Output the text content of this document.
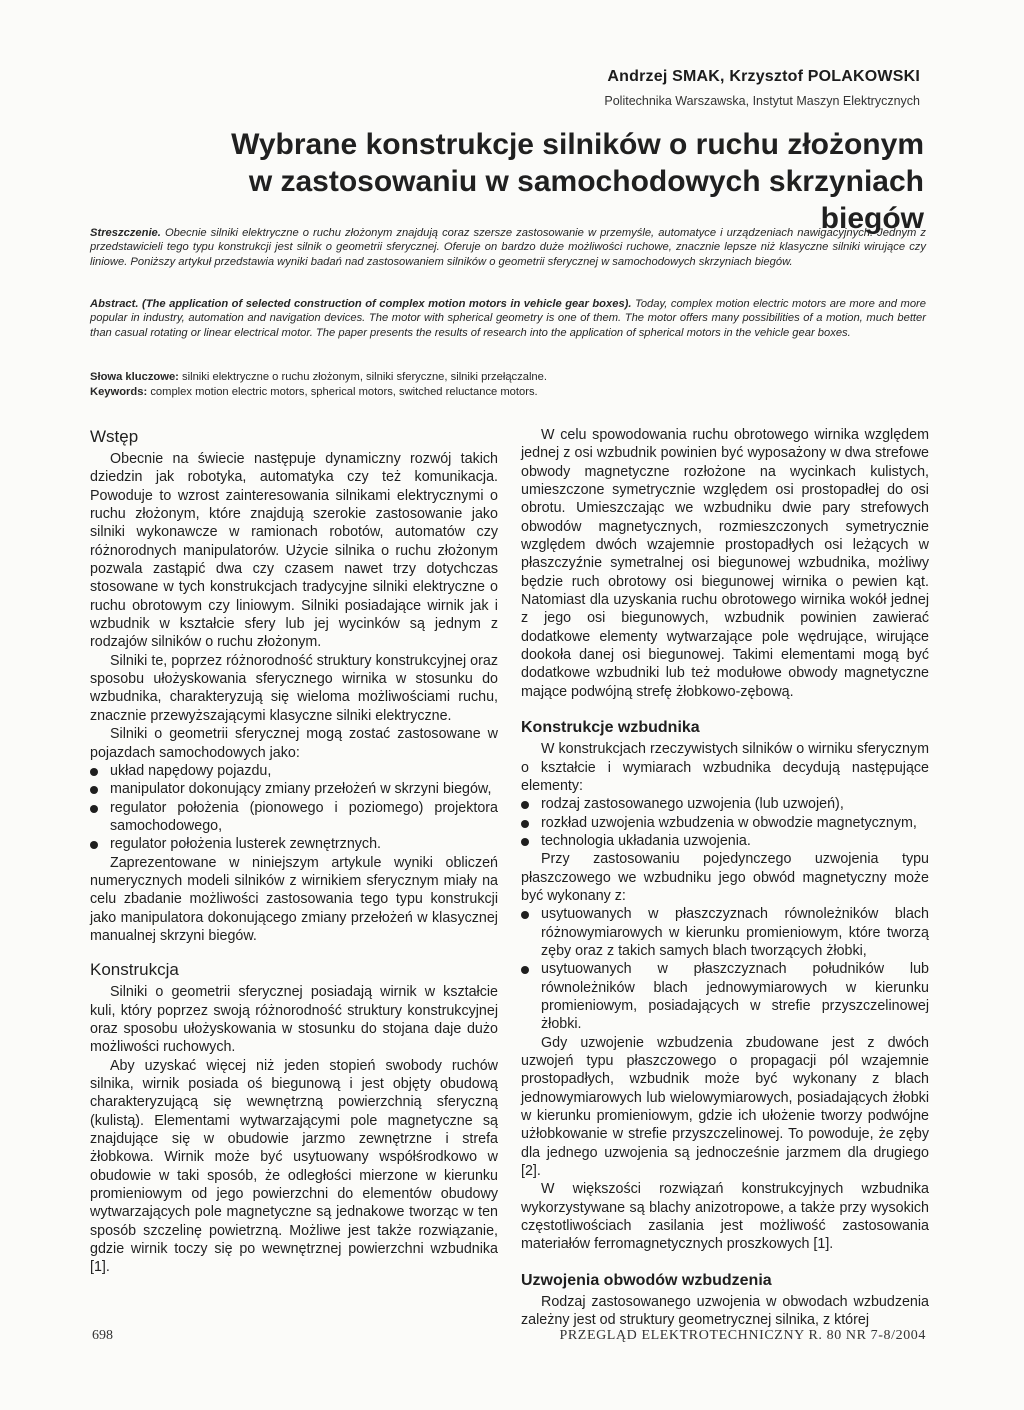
Andrzej SMAK, Krzysztof POLAKOWSKI
Politechnika Warszawska, Instytut Maszyn Elektrycznych
Wybrane konstrukcje silników o ruchu złożonym
w zastosowaniu w samochodowych skrzyniach biegów
Streszczenie. Obecnie silniki elektryczne o ruchu złożonym znajdują coraz szersze zastosowanie w przemyśle, automatyce i urządzeniach nawigacyjnych. Jednym z przedstawicieli tego typu konstrukcji jest silnik o geometrii sferycznej. Oferuje on bardzo duże możliwości ruchowe, znacznie lepsze niż klasyczne silniki wirujące czy liniowe. Poniższy artykuł przedstawia wyniki badań nad zastosowaniem silników o geometrii sferycznej w samochodowych skrzyniach biegów.
Abstract. (The application of selected construction of complex motion motors in vehicle gear boxes). Today, complex motion electric motors are more and more popular in industry, automation and navigation devices. The motor with spherical geometry is one of them. The motor offers many possibilities of a motion, much better than casual rotating or linear electrical motor. The paper presents the results of research into the application of spherical motors in the vehicle gear boxes.
Słowa kluczowe: silniki elektryczne o ruchu złożonym, silniki sferyczne, silniki przełączalne.
Keywords: complex motion electric motors, spherical motors, switched reluctance motors.
Wstęp

Obecnie na świecie następuje dynamiczny rozwój takich dziedzin jak robotyka, automatyka czy też komunikacja. Powoduje to wzrost zainteresowania silnikami elektrycznymi o ruchu złożonym, które znajdują szerokie zastosowanie jako silniki wykonawcze w ramionach robotów, automatów czy różnorodnych manipulatorów. Użycie silnika o ruchu złożonym pozwala zastąpić dwa czy czasem nawet trzy dotychczas stosowane w tych konstrukcjach tradycyjne silniki elektryczne o ruchu obrotowym czy liniowym. Silniki posiadające wirnik jak i wzbudnik w kształcie sfery lub jej wycinków są jednym z rodzajów silników o ruchu złożonym.

Silniki te, poprzez różnorodność struktury konstrukcyjnej oraz sposobu ułożyskowania sferycznego wirnika w stosunku do wzbudnika, charakteryzują się wieloma możliwościami ruchu, znacznie przewyższającymi klasyczne silniki elektryczne.

Silniki o geometrii sferycznej mogą zostać zastosowane w pojazdach samochodowych jako:

układ napędowy pojazdu,
manipulator dokonujący zmiany przełożeń w skrzyni biegów,
regulator położenia (pionowego i poziomego) projektora samochodowego,
regulator położenia lusterek zewnętrznych.

Zaprezentowane w niniejszym artykule wyniki obliczeń numerycznych modeli silników z wirnikiem sferycznym miały na celu zbadanie możliwości zastosowania tego typu konstrukcji jako manipulatora dokonującego zmiany przełożeń w klasycznej manualnej skrzyni biegów.

Konstrukcja

Silniki o geometrii sferycznej posiadają wirnik w kształcie kuli, który poprzez swoją różnorodność struktury konstrukcyjnej oraz sposobu ułożyskowania w stosunku do stojana daje dużo możliwości ruchowych.

Aby uzyskać więcej niż jeden stopień swobody ruchów silnika, wirnik posiada oś biegunową i jest objęty obudową charakteryzującą się wewnętrzną powierzchnią sferyczną (kulistą). Elementami wytwarzającymi pole magnetyczne są znajdujące się w obudowie jarzmo zewnętrzne i strefa żłobkowa. Wirnik może być usytuowany współśrodkowo w obudowie w taki sposób, że odległości mierzone w kierunku promieniowym od jego powierzchni do elementów obudowy wytwarzających pole magnetyczne są jednakowe tworząc w ten sposób szczelinę powietrzną. Możliwe jest także rozwiązanie, gdzie wirnik toczy się po wewnętrznej powierzchni wzbudnika [1].

W celu spowodowania ruchu obrotowego wirnika względem jednej z osi wzbudnik powinien być wyposażony w dwa strefowe obwody magnetyczne rozłożone na wycinkach kulistych, umieszczone symetrycznie względem osi prostopadłej do osi obrotu. Umieszczając we wzbudniku dwie pary strefowych obwodów magnetycznych, rozmieszczonych symetrycznie względem dwóch wzajemnie prostopadłych osi leżących w płaszczyźnie symetralnej osi biegunowej wzbudnika, możliwy będzie ruch obrotowy osi biegunowej wirnika o pewien kąt. Natomiast dla uzyskania ruchu obrotowego wirnika wokół jednej z jego osi biegunowych, wzbudnik powinien zawierać dodatkowe elementy wytwarzające pole wędrujące, wirujące dookoła danej osi biegunowej. Takimi elementami mogą być dodatkowe wzbudniki lub też modułowe obwody magnetyczne mające podwójną strefę żłobkowo-zębową.

Konstrukcje wzbudnika

W konstrukcjach rzeczywistych silników o wirniku sferycznym o kształcie i wymiarach wzbudnika decydują następujące elementy:

rodzaj zastosowanego uzwojenia (lub uzwojeń),
rozkład uzwojenia wzbudzenia w obwodzie magnetycznym,
technologia układania uzwojenia.

Przy zastosowaniu pojedynczego uzwojenia typu płaszczowego we wzbudniku jego obwód magnetyczny może być wykonany z:

usytuowanych w płaszczyznach równoleżników blach różnowymiarowych w kierunku promieniowym, które tworzą zęby oraz z takich samych blach tworzących żłobki,
usytuowanych w płaszczyznach południków lub równoleżników blach jednowymiarowych w kierunku promieniowym, posiadających w strefie przyszczelinowej żłobki.

Gdy uzwojenie wzbudzenia zbudowane jest z dwóch uzwojeń typu płaszczowego o propagacji pól wzajemnie prostopadłych, wzbudnik może być wykonany z blach jednowymiarowych lub wielowymiarowych, posiadających żłobki w kierunku promieniowym, gdzie ich ułożenie tworzy podwójne użłobkowanie w strefie przyszczelinowej. To powoduje, że zęby dla jednego uzwojenia są jednocześnie jarzmem dla drugiego [2].

W większości rozwiązań konstrukcyjnych wzbudnika wykorzystywane są blachy anizotropowe, a także przy wysokich częstotliwościach zasilania jest możliwość zastosowania materiałów ferromagnetycznych proszkowych [1].

Uzwojenia obwodów wzbudzenia

Rodzaj zastosowanego uzwojenia w obwodach wzbudzenia zależny jest od struktury geometrycznej silnika, z której

698	PRZEGLĄD ELEKTROTECHNICZNY R. 80 NR 7-8/2004
